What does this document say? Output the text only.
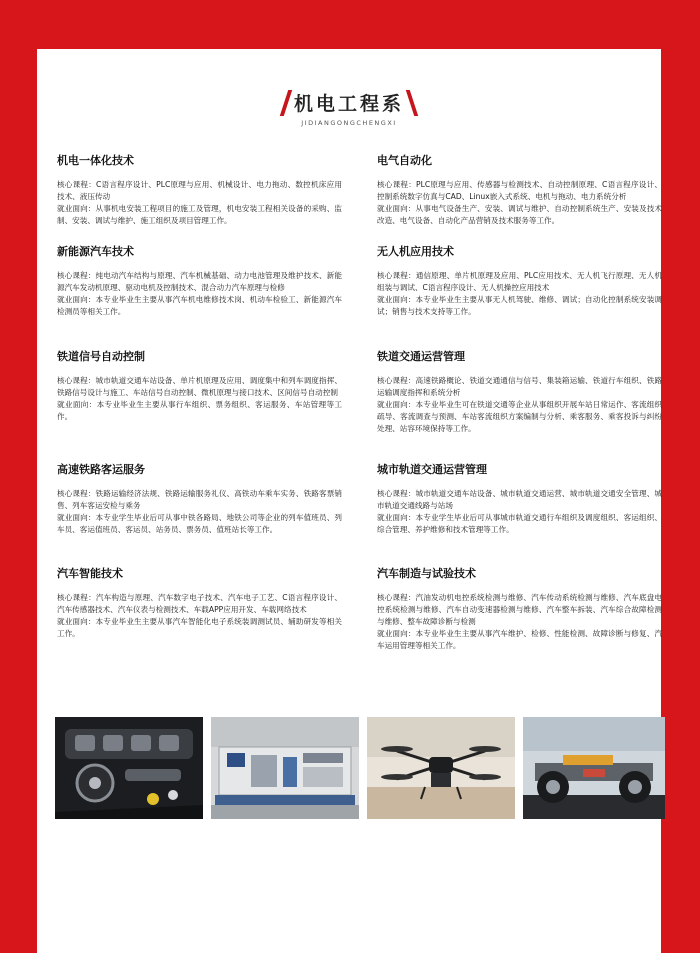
机电工程系
JIDIANGONGCHENGXI
机电一体化技术

核心课程：C语言程序设计、PLC原理与应用、机械设计、电力拖动、数控机床应用技术、液压传动

就业面向：从事机电安装工程项目的施工及管理，机电安装工程相关设备的采购、监制、安装、调试与维护、施工组织及项目管理工作。

新能源汽车技术

核心课程：纯电动汽车结构与原理、汽车机械基础、动力电池管理及维护技术、新能源汽车发动机原理、驱动电机及控制技术、混合动力汽车原理与检修

就业面向：本专业毕业生主要从事汽车机电维修技术岗、机动车检验工、新能源汽车检测员等相关工作。

铁道信号自动控制

核心课程：城市轨道交通车站设备、单片机原理及应用、调度集中和列车调度指挥、铁路信号设计与施工、车站信号自动控制、微机原理与接口技术、区间信号自动控制

就业面向：本专业毕业生主要从事行车组织、票务组织、客运服务、车站管理等工作。

高速铁路客运服务

核心课程：铁路运输经济法规、铁路运输服务礼仪、高铁动车乘车实务、铁路客票销售、列车客运安检与乘务

就业面向：本专业学生毕业后可从事中铁各路局、地铁公司等企业的列车值班员、列车员、客运值班员、客运员、站务员、票务员、值班站长等工作。

汽车智能技术

核心课程：汽车构造与原理、汽车数字电子技术、汽车电子工艺、C语言程序设计、汽车传感器技术、汽车仪表与检测技术、车载APP应用开发、车载网络技术

就业面向：本专业毕业生主要从事汽车智能化电子系统装调测试员、辅助研发等相关工作。

电气自动化

核心课程：PLC原理与应用、传感器与检测技术、自动控制原理、C语言程序设计、控制系统数字仿真与CAD、Linux嵌入式系统、电机与拖动、电力系统分析

就业面向：从事电气设备生产、安装、调试与维护、自动控制系统生产、安装及技术改造、电气设备、自动化产品营销及技术服务等工作。

无人机应用技术

核心课程：通信原理、单片机原理及应用、PLC应用技术、无人机飞行原理、无人机组装与调试、C语言程序设计、无人机操控应用技术

就业面向：本专业毕业生主要从事无人机驾驶、维修、调试；自动化控制系统安装调试；销售与技术支持等工作。

铁道交通运营管理

核心课程：高速铁路概论、铁道交通通信与信号、集装箱运输、铁道行车组织、铁路运输调度指挥和系统分析

就业面向：本专业毕业生可在铁道交通等企业从事组织开展车站日常运作、客流组织疏导、客流调查与预测、车站客流组织方案编制与分析、乘客服务、乘客投诉与纠纷处理、站容环境保持等工作。

城市轨道交通运营管理

核心课程：城市轨道交通车站设备、城市轨道交通运营、城市轨道交通安全管理、城市轨道交通线路与站场

就业面向：本专业学生毕业后可从事城市轨道交通行车组织及调度组织、客运组织、综合管理、养护维修和技术管理等工作。

汽车制造与试验技术

核心课程：汽油发动机电控系统检测与维修、汽车传动系统检测与维修、汽车底盘电控系统检测与维修、汽车自动变速器检测与维修、汽车整车拆装、汽车综合故障检测与维修、整车故障诊断与检测

就业面向：本专业毕业生主要从事汽车维护、检修、性能检测、故障诊断与修复、汽车运用管理等相关工作。
